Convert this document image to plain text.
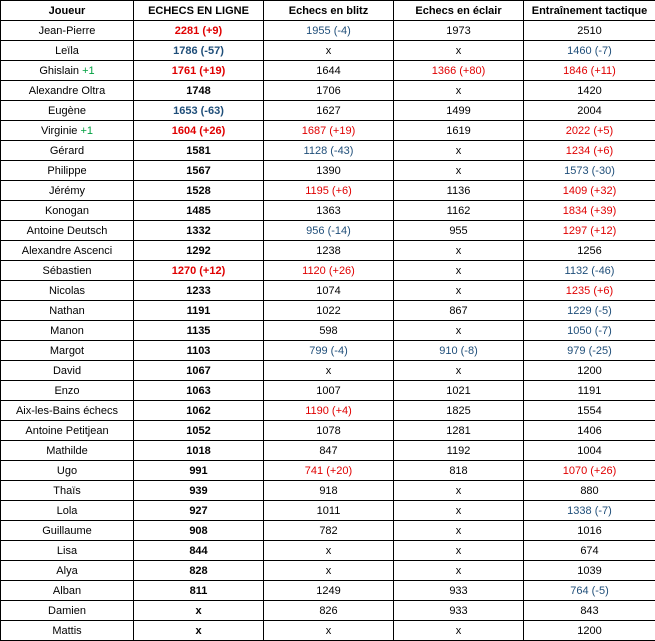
Joueur	ECHECS EN LIGNE	Echecs en blitz	Echecs en éclair	Entraînement tactique
Jean-Pierre	2281 (+9)	1955 (-4)	1973	2510
Leïla	1786 (-57)	x	x	1460 (-7)
Ghislain +1	1761 (+19)	1644	1366 (+80)	1846 (+11)
Alexandre Oltra	1748	1706	x	1420
Eugène	1653 (-63)	1627	1499	2004
Virginie +1	1604 (+26)	1687 (+19)	1619	2022 (+5)
Gérard	1581	1128 (-43)	x	1234 (+6)
Philippe	1567	1390	x	1573 (-30)
Jérémy	1528	1195 (+6)	1136	1409 (+32)
Konogan	1485	1363	1162	1834 (+39)
Antoine Deutsch	1332	956 (-14)	955	1297 (+12)
Alexandre Ascenci	1292	1238	x	1256
Sébastien	1270 (+12)	1120 (+26)	x	1132 (-46)
Nicolas	1233	1074	x	1235 (+6)
Nathan	1191	1022	867	1229 (-5)
Manon	1135	598	x	1050 (-7)
Margot	1103	799 (-4)	910 (-8)	979 (-25)
David	1067	x	x	1200
Enzo	1063	1007	1021	1191
Aix-les-Bains échecs	1062	1190 (+4)	1825	1554
Antoine Petitjean	1052	1078	1281	1406
Mathilde	1018	847	1192	1004
Ugo	991	741 (+20)	818	1070 (+26)
Thaïs	939	918	x	880
Lola	927	1011	x	1338 (-7)
Guillaume	908	782	x	1016
Lisa	844	x	x	674
Alya	828	x	x	1039
Alban	811	1249	933	764 (-5)
Damien	x	826	933	843
Mattis	x	x	x	1200
